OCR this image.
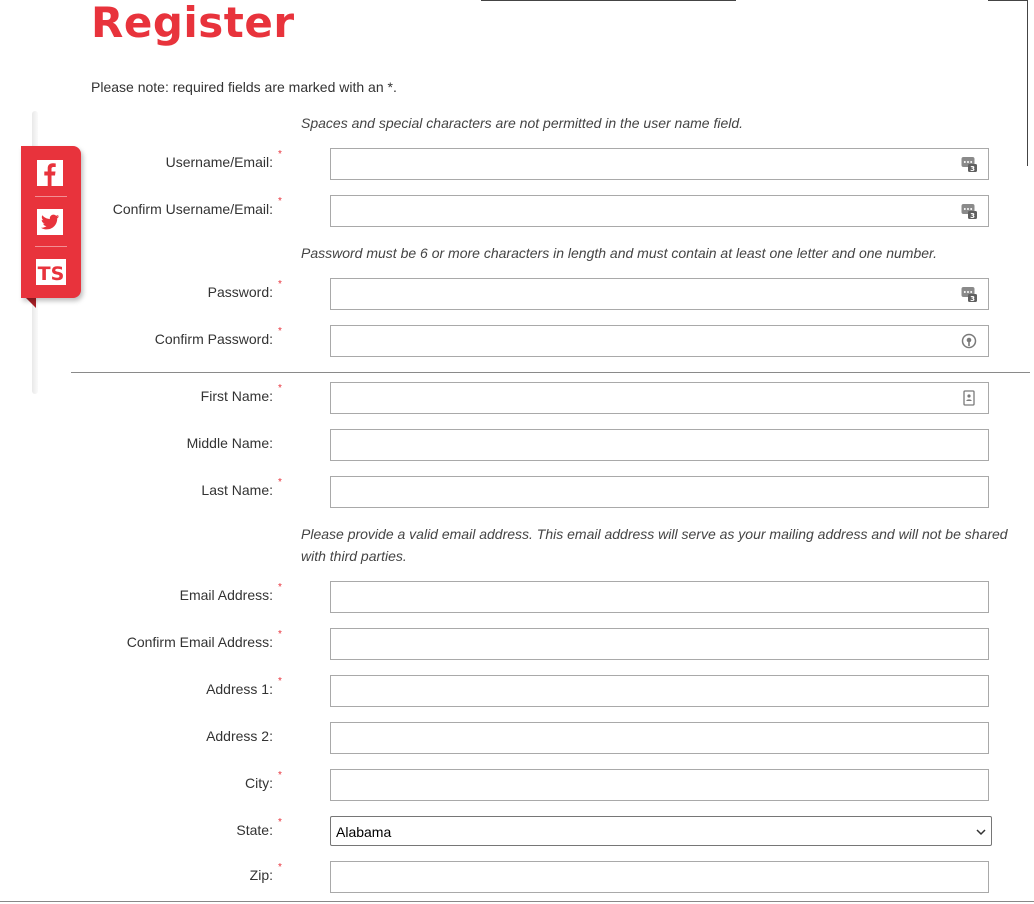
TS
Register
Please note: required fields are marked with an *.
Spaces and special characters are not permitted in the user name field.
Username/Email: *
3
Confirm Username/Email: *
3
Password must be 6 or more characters in length and must contain at least one letter and one number.
Password: *
3
Confirm Password: *
First Name: *
Middle Name:
Last Name: *
Please provide a valid email address. This email address will serve as your mailing address and will not be shared with third parties.
Email Address: *
Confirm Email Address: *
Address 1: *
Address 2:
City: *
State: *
Alabama
Zip: *
